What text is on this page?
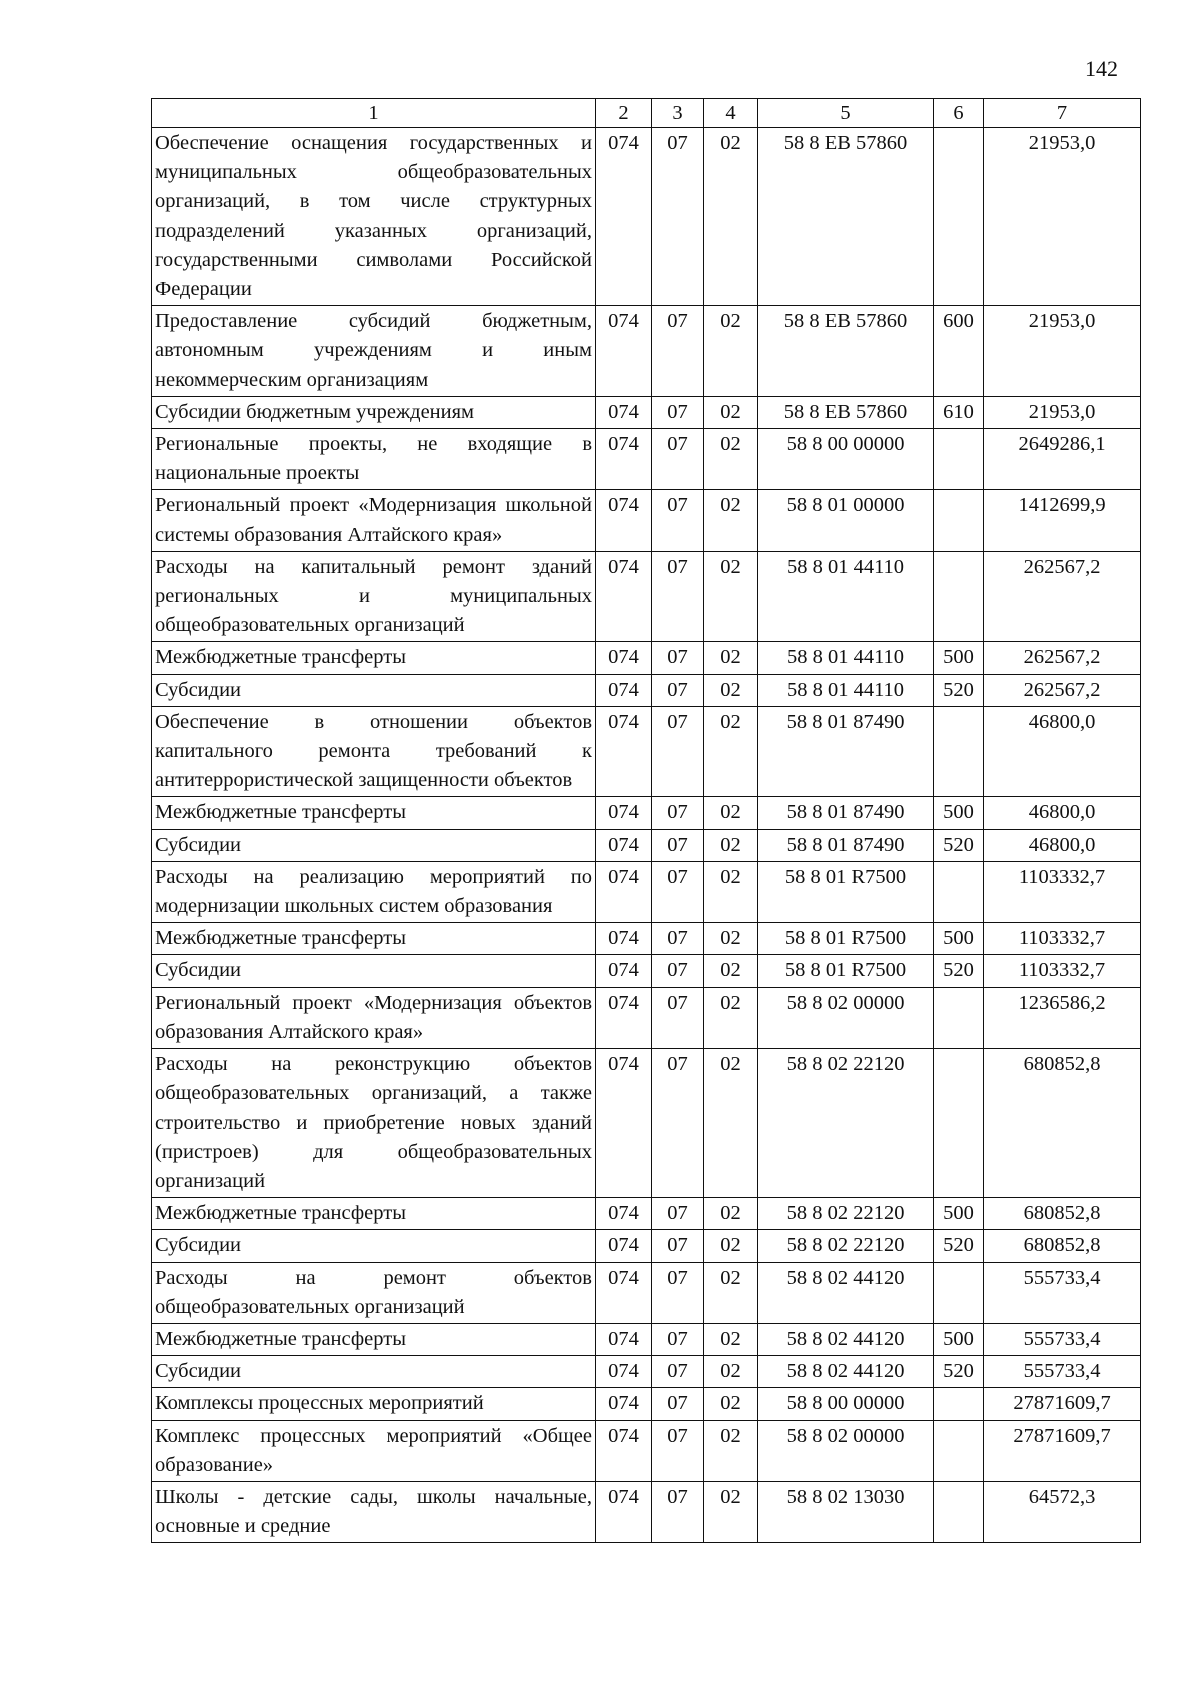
142
1	2	3	4	5	6	7
Обеспечение оснащения государственных и муниципальных общеобразовательных организаций, в том числе структурных подразделений указанных организаций, государственными символами Российской Федерации	074	07	02	58 8 ЕВ 57860		21953,0
Предоставление субсидий бюджетным, автономным учреждениям и иным некоммерческим организациям	074	07	02	58 8 ЕВ 57860	600	21953,0
Субсидии бюджетным учреждениям	074	07	02	58 8 ЕВ 57860	610	21953,0
Региональные проекты, не входящие в национальные проекты	074	07	02	58 8 00 00000		2649286,1
Региональный проект «Модернизация школьной системы образования Алтайского края»	074	07	02	58 8 01 00000		1412699,9
Расходы на капитальный ремонт зданий региональных и муниципальных общеобразовательных организаций	074	07	02	58 8 01 44110		262567,2
Межбюджетные трансферты	074	07	02	58 8 01 44110	500	262567,2
Субсидии	074	07	02	58 8 01 44110	520	262567,2
Обеспечение в отношении объектов капитального ремонта требований к антитеррористической защищенности объектов	074	07	02	58 8 01 87490		46800,0
Межбюджетные трансферты	074	07	02	58 8 01 87490	500	46800,0
Субсидии	074	07	02	58 8 01 87490	520	46800,0
Расходы на реализацию мероприятий по модернизации школьных систем образования	074	07	02	58 8 01 R7500		1103332,7
Межбюджетные трансферты	074	07	02	58 8 01 R7500	500	1103332,7
Субсидии	074	07	02	58 8 01 R7500	520	1103332,7
Региональный проект «Модернизация объектов образования Алтайского края»	074	07	02	58 8 02 00000		1236586,2
Расходы на реконструкцию объектов общеобразовательных организаций, а также строительство и приобретение новых зданий (пристроев) для общеобразовательных организаций	074	07	02	58 8 02 22120		680852,8
Межбюджетные трансферты	074	07	02	58 8 02 22120	500	680852,8
Субсидии	074	07	02	58 8 02 22120	520	680852,8
Расходы на ремонт объектов общеобразовательных организаций	074	07	02	58 8 02 44120		555733,4
Межбюджетные трансферты	074	07	02	58 8 02 44120	500	555733,4
Субсидии	074	07	02	58 8 02 44120	520	555733,4
Комплексы процессных мероприятий	074	07	02	58 8 00 00000		27871609,7
Комплекс процессных мероприятий «Общее образование»	074	07	02	58 8 02 00000		27871609,7
Школы - детские сады, школы начальные, основные и средние	074	07	02	58 8 02 13030		64572,3
